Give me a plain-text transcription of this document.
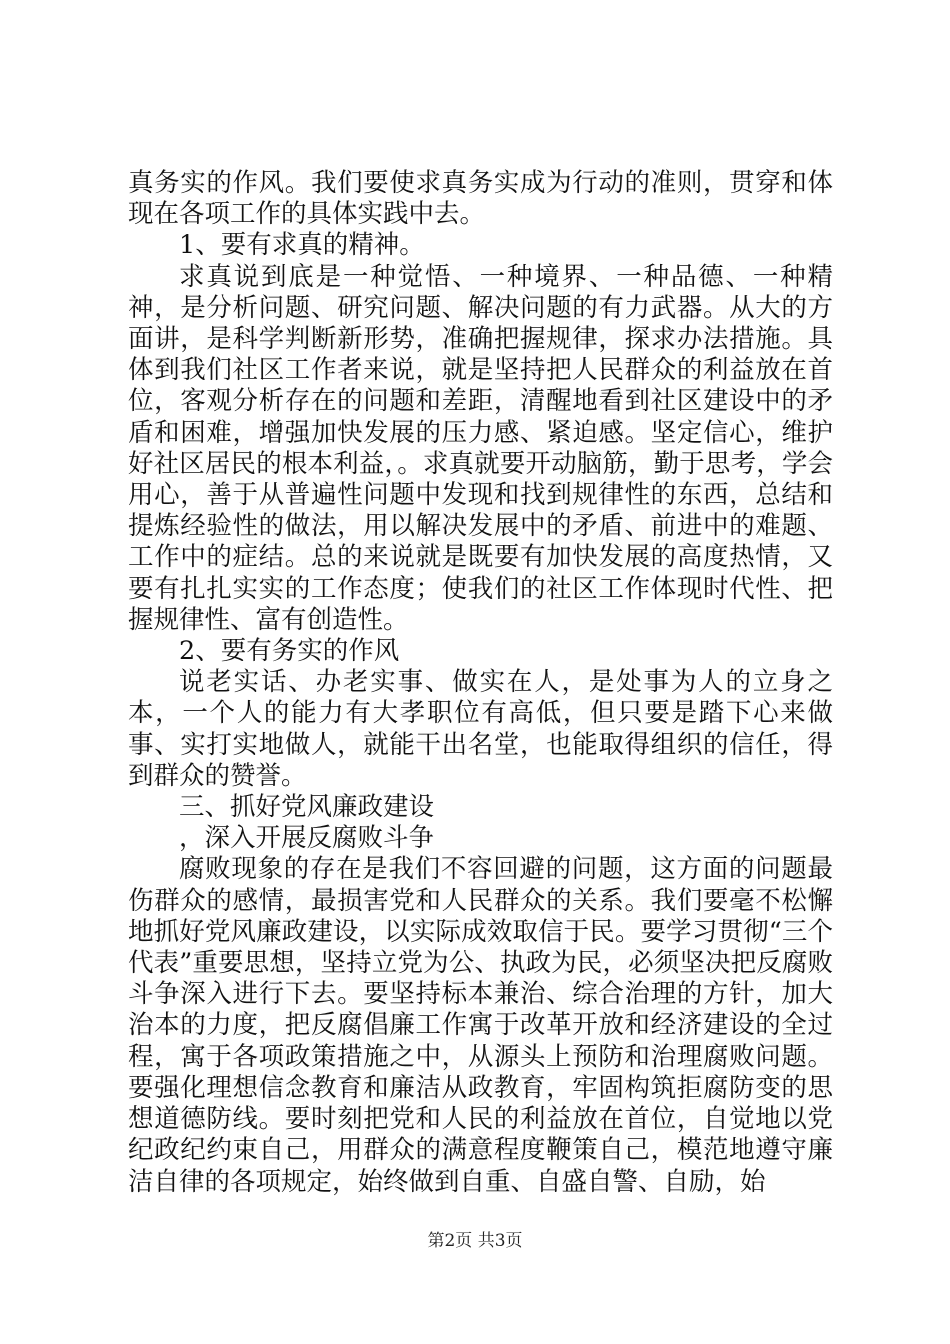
真务实的作风。我们要使求真务实成为行动的准则，贯穿和体现在各项工作的具体实践中去。

1、要有求真的精神。

求真说到底是一种觉悟、一种境界、一种品德、一种精神，是分析问题、研究问题、解决问题的有力武器。从大的方面讲，是科学判断新形势，准确把握规律，探求办法措施。具体到我们社区工作者来说，就是坚持把人民群众的利益放在首位，客观分析存在的问题和差距，清醒地看到社区建设中的矛盾和困难，增强加快发展的压力感、紧迫感。坚定信心，维护好社区居民的根本利益，。求真就要开动脑筋，勤于思考，学会用心，善于从普遍性问题中发现和找到规律性的东西，总结和提炼经验性的做法，用以解决发展中的矛盾、前进中的难题、工作中的症结。总的来说就是既要有加快发展的高度热情，又要有扎扎实实的工作态度；使我们的社区工作体现时代性、把握规律性、富有创造性。

2、要有务实的作风

说老实话、办老实事、做实在人，是处事为人的立身之本，一个人的能力有大孝职位有高低，但只要是踏下心来做事、实打实地做人，就能干出名堂，也能取得组织的信任，得到群众的赞誉。

三、抓好党风廉政建设

，深入开展反腐败斗争

腐败现象的存在是我们不容回避的问题，这方面的问题最伤群众的感情，最损害党和人民群众的关系。我们要毫不松懈地抓好党风廉政建设，以实际成效取信于民。要学习贯彻“三个代表”重要思想，坚持立党为公、执政为民，必须坚决把反腐败斗争深入进行下去。要坚持标本兼治、综合治理的方针，加大治本的力度，把反腐倡廉工作寓于改革开放和经济建设的全过程，寓于各项政策措施之中，从源头上预防和治理腐败问题。要强化理想信念教育和廉洁从政教育，牢固构筑拒腐防变的思想道德防线。要时刻把党和人民的利益放在首位，自觉地以党纪政纪约束自己，用群众的满意程度鞭策自己，模范地遵守廉洁自律的各项规定，始终做到自重、自盛自警、自励，始

第2页 共3页
